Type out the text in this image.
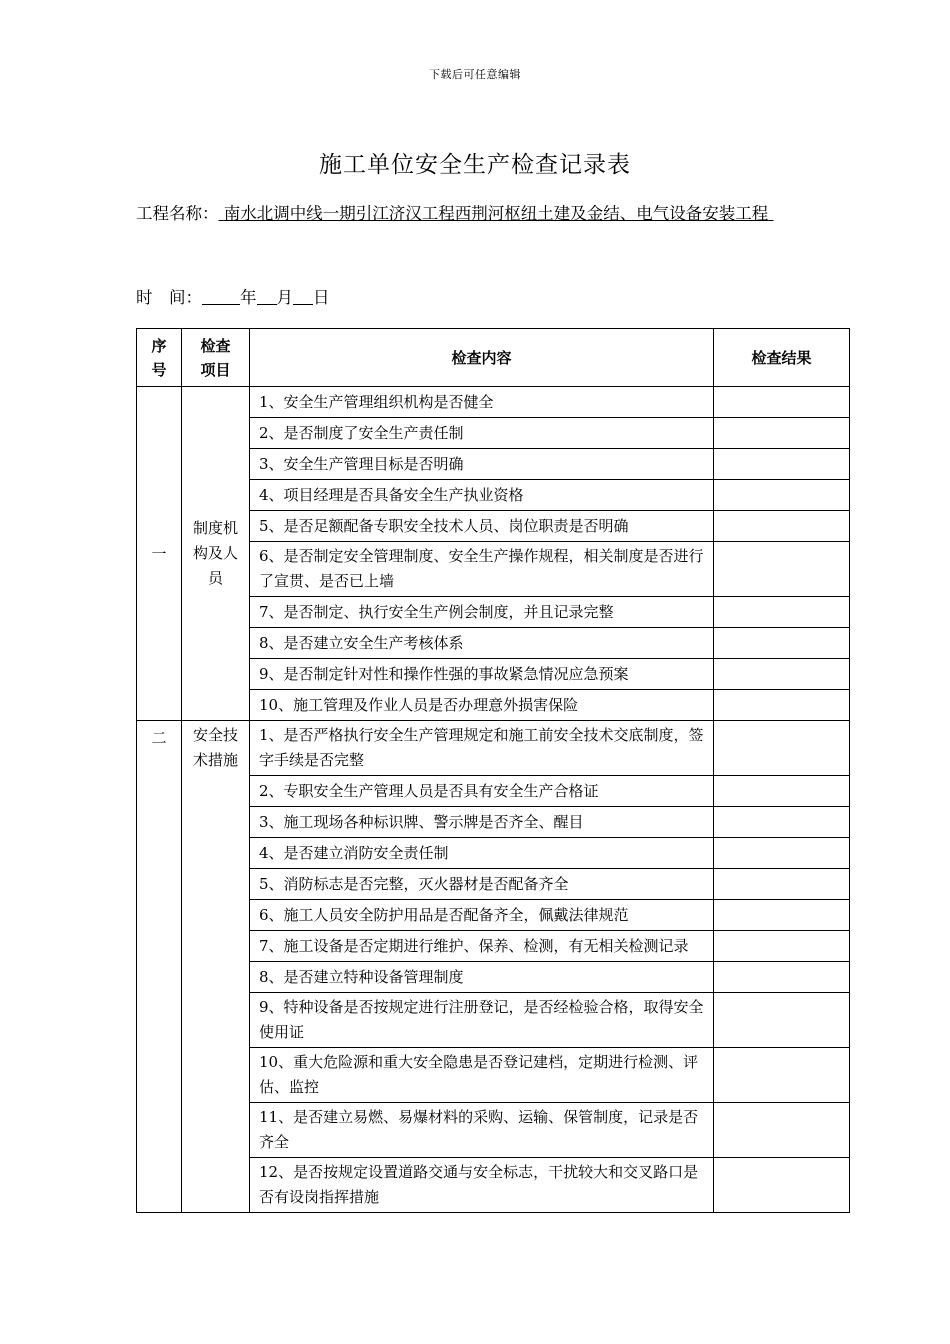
下载后可任意编辑
施工单位安全生产检查记录表
工程名称： 南水北调中线一期引江济汉工程西荆河枢纽土建及金结、电气设备安装工程
时　间： 年 月 日
序号	检查项目	检查内容	检查结果
一	制度机构及人员	1、安全生产管理组织机构是否健全	
		2、是否制度了安全生产责任制	
		3、安全生产管理目标是否明确	
		4、项目经理是否具备安全生产执业资格	
		5、是否足额配备专职安全技术人员、岗位职责是否明确	
		6、是否制定安全管理制度、安全生产操作规程，相关制度是否进行了宣贯、是否已上墙	
		7、是否制定、执行安全生产例会制度，并且记录完整	
		8、是否建立安全生产考核体系	
		9、是否制定针对性和操作性强的事故紧急情况应急预案	
		10、施工管理及作业人员是否办理意外损害保险	
二	安全技术措施	1、是否严格执行安全生产管理规定和施工前安全技术交底制度，签字手续是否完整	
		2、专职安全生产管理人员是否具有安全生产合格证	
		3、施工现场各种标识牌、警示牌是否齐全、醒目	
		4、是否建立消防安全责任制	
		5、消防标志是否完整，灭火器材是否配备齐全	
		6、施工人员安全防护用品是否配备齐全，佩戴法律规范	
		7、施工设备是否定期进行维护、保养、检测，有无相关检测记录	
		8、是否建立特种设备管理制度	
		9、特种设备是否按规定进行注册登记，是否经检验合格，取得安全使用证	
		10、重大危险源和重大安全隐患是否登记建档，定期进行检测、评估、监控	
		11、是否建立易燃、易爆材料的采购、运输、保管制度，记录是否齐全	
		12、是否按规定设置道路交通与安全标志，干扰较大和交叉路口是否有设岗指挥措施	
